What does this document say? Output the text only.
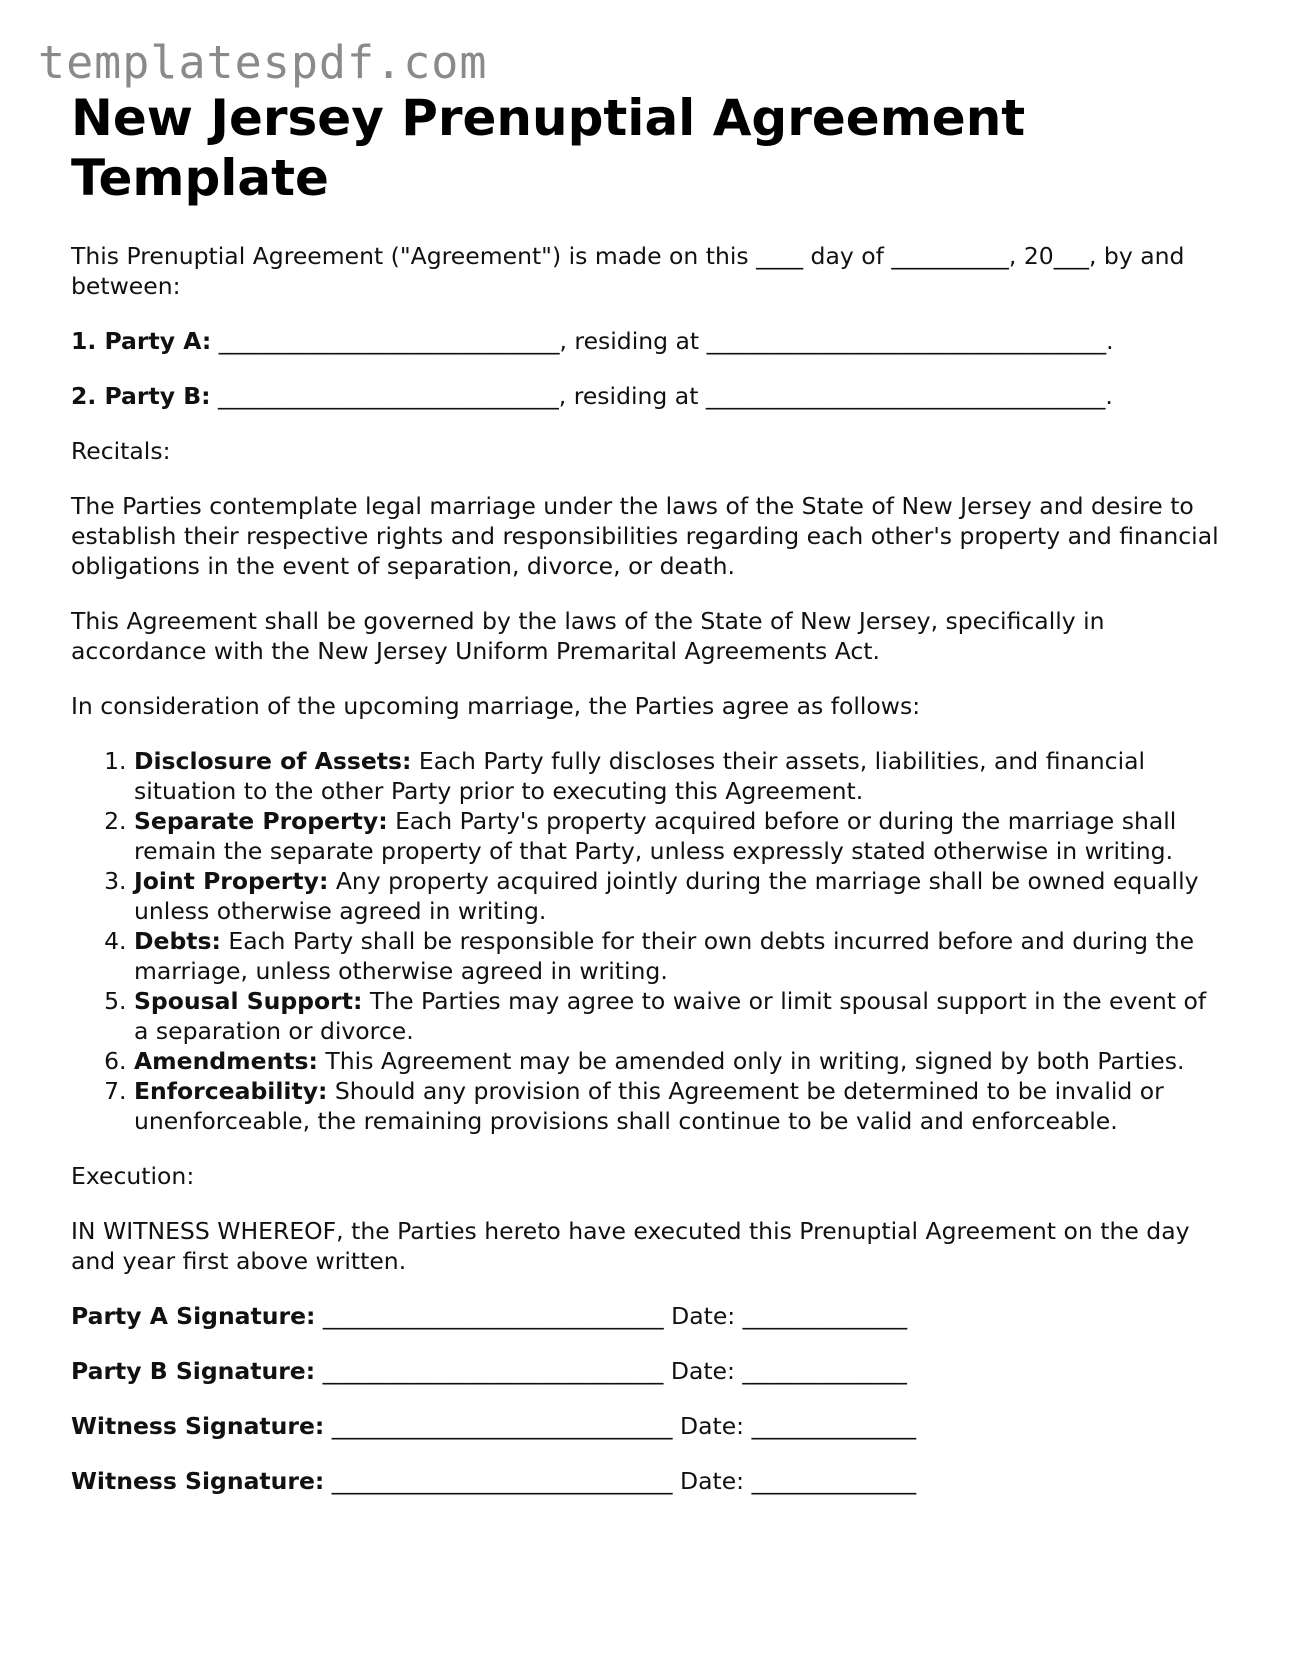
templatespdf.com
New Jersey Prenuptial Agreement Template

This Prenuptial Agreement ("Agreement") is made on this ____ day of __________, 20___, by and between:

1. Party A: _____________________________, residing at __________________________________.
2. Party B: _____________________________, residing at __________________________________.

Recitals:

The Parties contemplate legal marriage under the laws of the State of New Jersey and desire to establish their respective rights and responsibilities regarding each other's property and financial obligations in the event of separation, divorce, or death.

This Agreement shall be governed by the laws of the State of New Jersey, specifically in accordance with the New Jersey Uniform Premarital Agreements Act.

In consideration of the upcoming marriage, the Parties agree as follows:

1. Disclosure of Assets: Each Party fully discloses their assets, liabilities, and financial situation to the other Party prior to executing this Agreement.
2. Separate Property: Each Party's property acquired before or during the marriage shall remain the separate property of that Party, unless expressly stated otherwise in writing.
3. Joint Property: Any property acquired jointly during the marriage shall be owned equally unless otherwise agreed in writing.
4. Debts: Each Party shall be responsible for their own debts incurred before and during the marriage, unless otherwise agreed in writing.
5. Spousal Support: The Parties may agree to waive or limit spousal support in the event of a separation or divorce.
6. Amendments: This Agreement may be amended only in writing, signed by both Parties.
7. Enforceability: Should any provision of this Agreement be determined to be invalid or unenforceable, the remaining provisions shall continue to be valid and enforceable.

Execution:

IN WITNESS WHEREOF, the Parties hereto have executed this Prenuptial Agreement on the day and year first above written.

Party A Signature: _____________________________ Date: ______________
Party B Signature: _____________________________ Date: ______________
Witness Signature: _____________________________ Date: ______________
Witness Signature: _____________________________ Date: ______________
